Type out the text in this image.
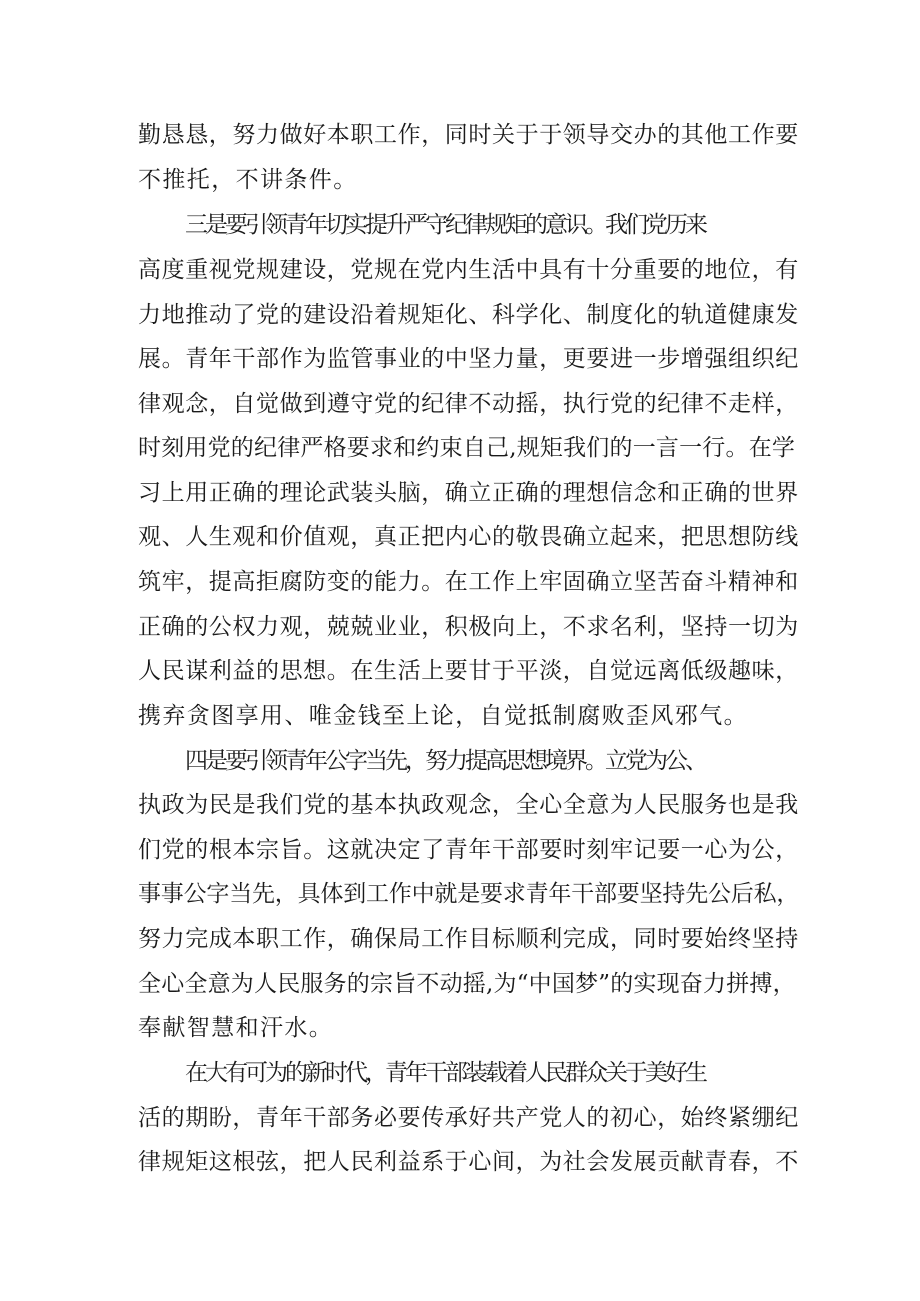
勤恳恳，努力做好本职工作，同时关于于领导交办的其他工作要
不推托，不讲条件。
三是要引领青年切实提升严守纪律规矩的意识。我们党历来
高度重视党规建设，党规在党内生活中具有十分重要的地位，有
力地推动了党的建设沿着规矩化、科学化、制度化的轨道健康发
展。青年干部作为监管事业的中坚力量，更要进一步增强组织纪
律观念，自觉做到遵守党的纪律不动摇，执行党的纪律不走样，
时刻用党的纪律严格要求和约束自己,规矩我们的一言一行。在学
习上用正确的理论武装头脑，确立正确的理想信念和正确的世界
观、人生观和价值观，真正把内心的敬畏确立起来，把思想防线
筑牢，提高拒腐防变的能力。在工作上牢固确立坚苦奋斗精神和
正确的公权力观，兢兢业业，积极向上，不求名利，坚持一切为
人民谋利益的思想。在生活上要甘于平淡，自觉远离低级趣味，
携弃贪图享用、唯金钱至上论，自觉抵制腐败歪风邪气。
四是要引领青年公字当先，努力提高思想境界。立党为公、
执政为民是我们党的基本执政观念，全心全意为人民服务也是我
们党的根本宗旨。这就决定了青年干部要时刻牢记要一心为公，
事事公字当先，具体到工作中就是要求青年干部要坚持先公后私，
努力完成本职工作，确保局工作目标顺利完成，同时要始终坚持
全心全意为人民服务的宗旨不动摇,为“中国梦”的实现奋力拼搏，
奉献智慧和汗水。
在大有可为的新时代，青年干部装载着人民群众关于美好生
活的期盼，青年干部务必要传承好共产党人的初心，始终紧绷纪
律规矩这根弦，把人民利益系于心间，为社会发展贡献青春，不
